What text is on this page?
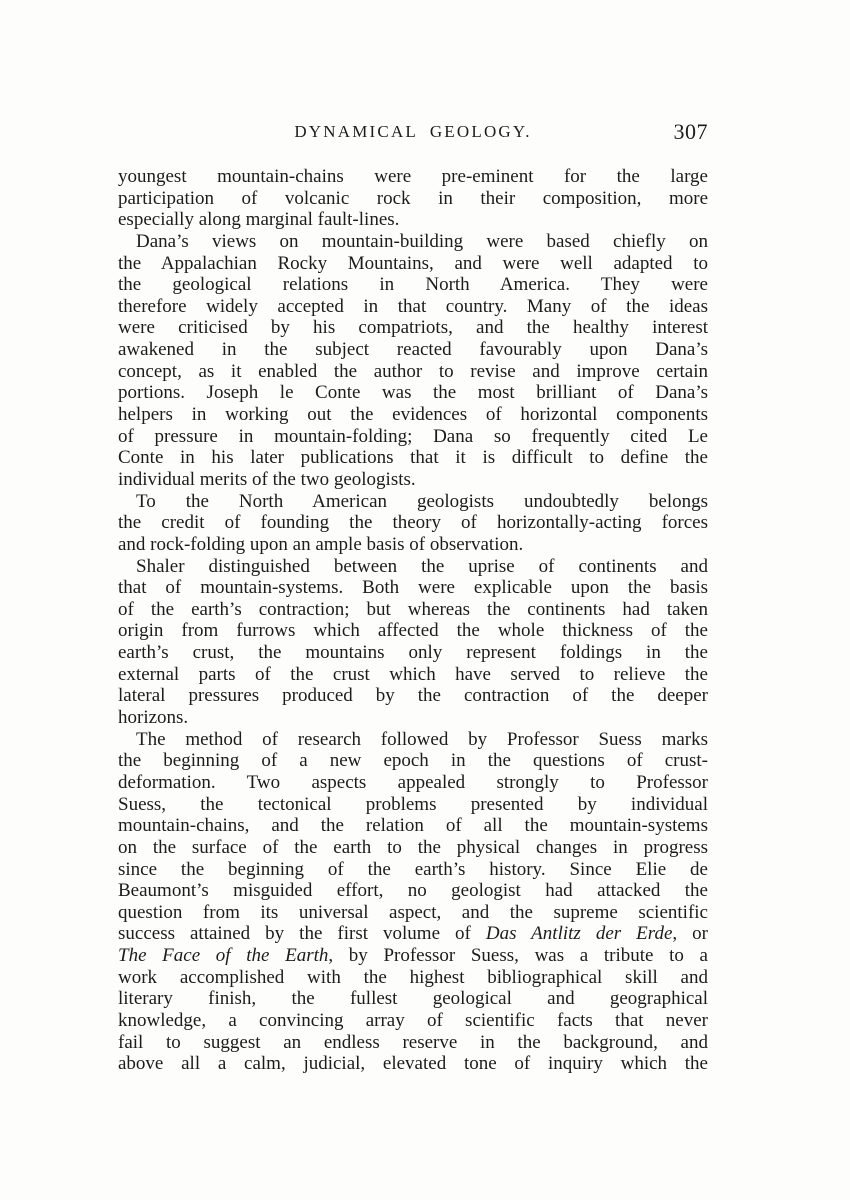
DYNAMICAL GEOLOGY.	307
youngest mountain-chains were pre-eminent for the large
participation of volcanic rock in their composition, more
especially along marginal fault-lines.
Dana’s views on mountain-building were based chiefly on
the Appalachian Rocky Mountains, and were well adapted to
the geological relations in North America. They were
therefore widely accepted in that country. Many of the ideas
were criticised by his compatriots, and the healthy interest
awakened in the subject reacted favourably upon Dana’s
concept, as it enabled the author to revise and improve certain
portions. Joseph le Conte was the most brilliant of Dana’s
helpers in working out the evidences of horizontal components
of pressure in mountain-folding; Dana so frequently cited Le
Conte in his later publications that it is difficult to define the
individual merits of the two geologists.
To the North American geologists undoubtedly belongs
the credit of founding the theory of horizontally-acting forces
and rock-folding upon an ample basis of observation.
Shaler distinguished between the uprise of continents and
that of mountain-systems. Both were explicable upon the basis
of the earth’s contraction; but whereas the continents had taken
origin from furrows which affected the whole thickness of the
earth’s crust, the mountains only represent foldings in the
external parts of the crust which have served to relieve the
lateral pressures produced by the contraction of the deeper
horizons.
The method of research followed by Professor Suess marks
the beginning of a new epoch in the questions of crust-
deformation. Two aspects appealed strongly to Professor
Suess, the tectonical problems presented by individual
mountain-chains, and the relation of all the mountain-systems
on the surface of the earth to the physical changes in progress
since the beginning of the earth’s history. Since Elie de
Beaumont’s misguided effort, no geologist had attacked the
question from its universal aspect, and the supreme scientific
success attained by the first volume of Das Antlitz der Erde, or
The Face of the Earth, by Professor Suess, was a tribute to a
work accomplished with the highest bibliographical skill and
literary finish, the fullest geological and geographical
knowledge, a convincing array of scientific facts that never
fail to suggest an endless reserve in the background, and
above all a calm, judicial, elevated tone of inquiry which the
